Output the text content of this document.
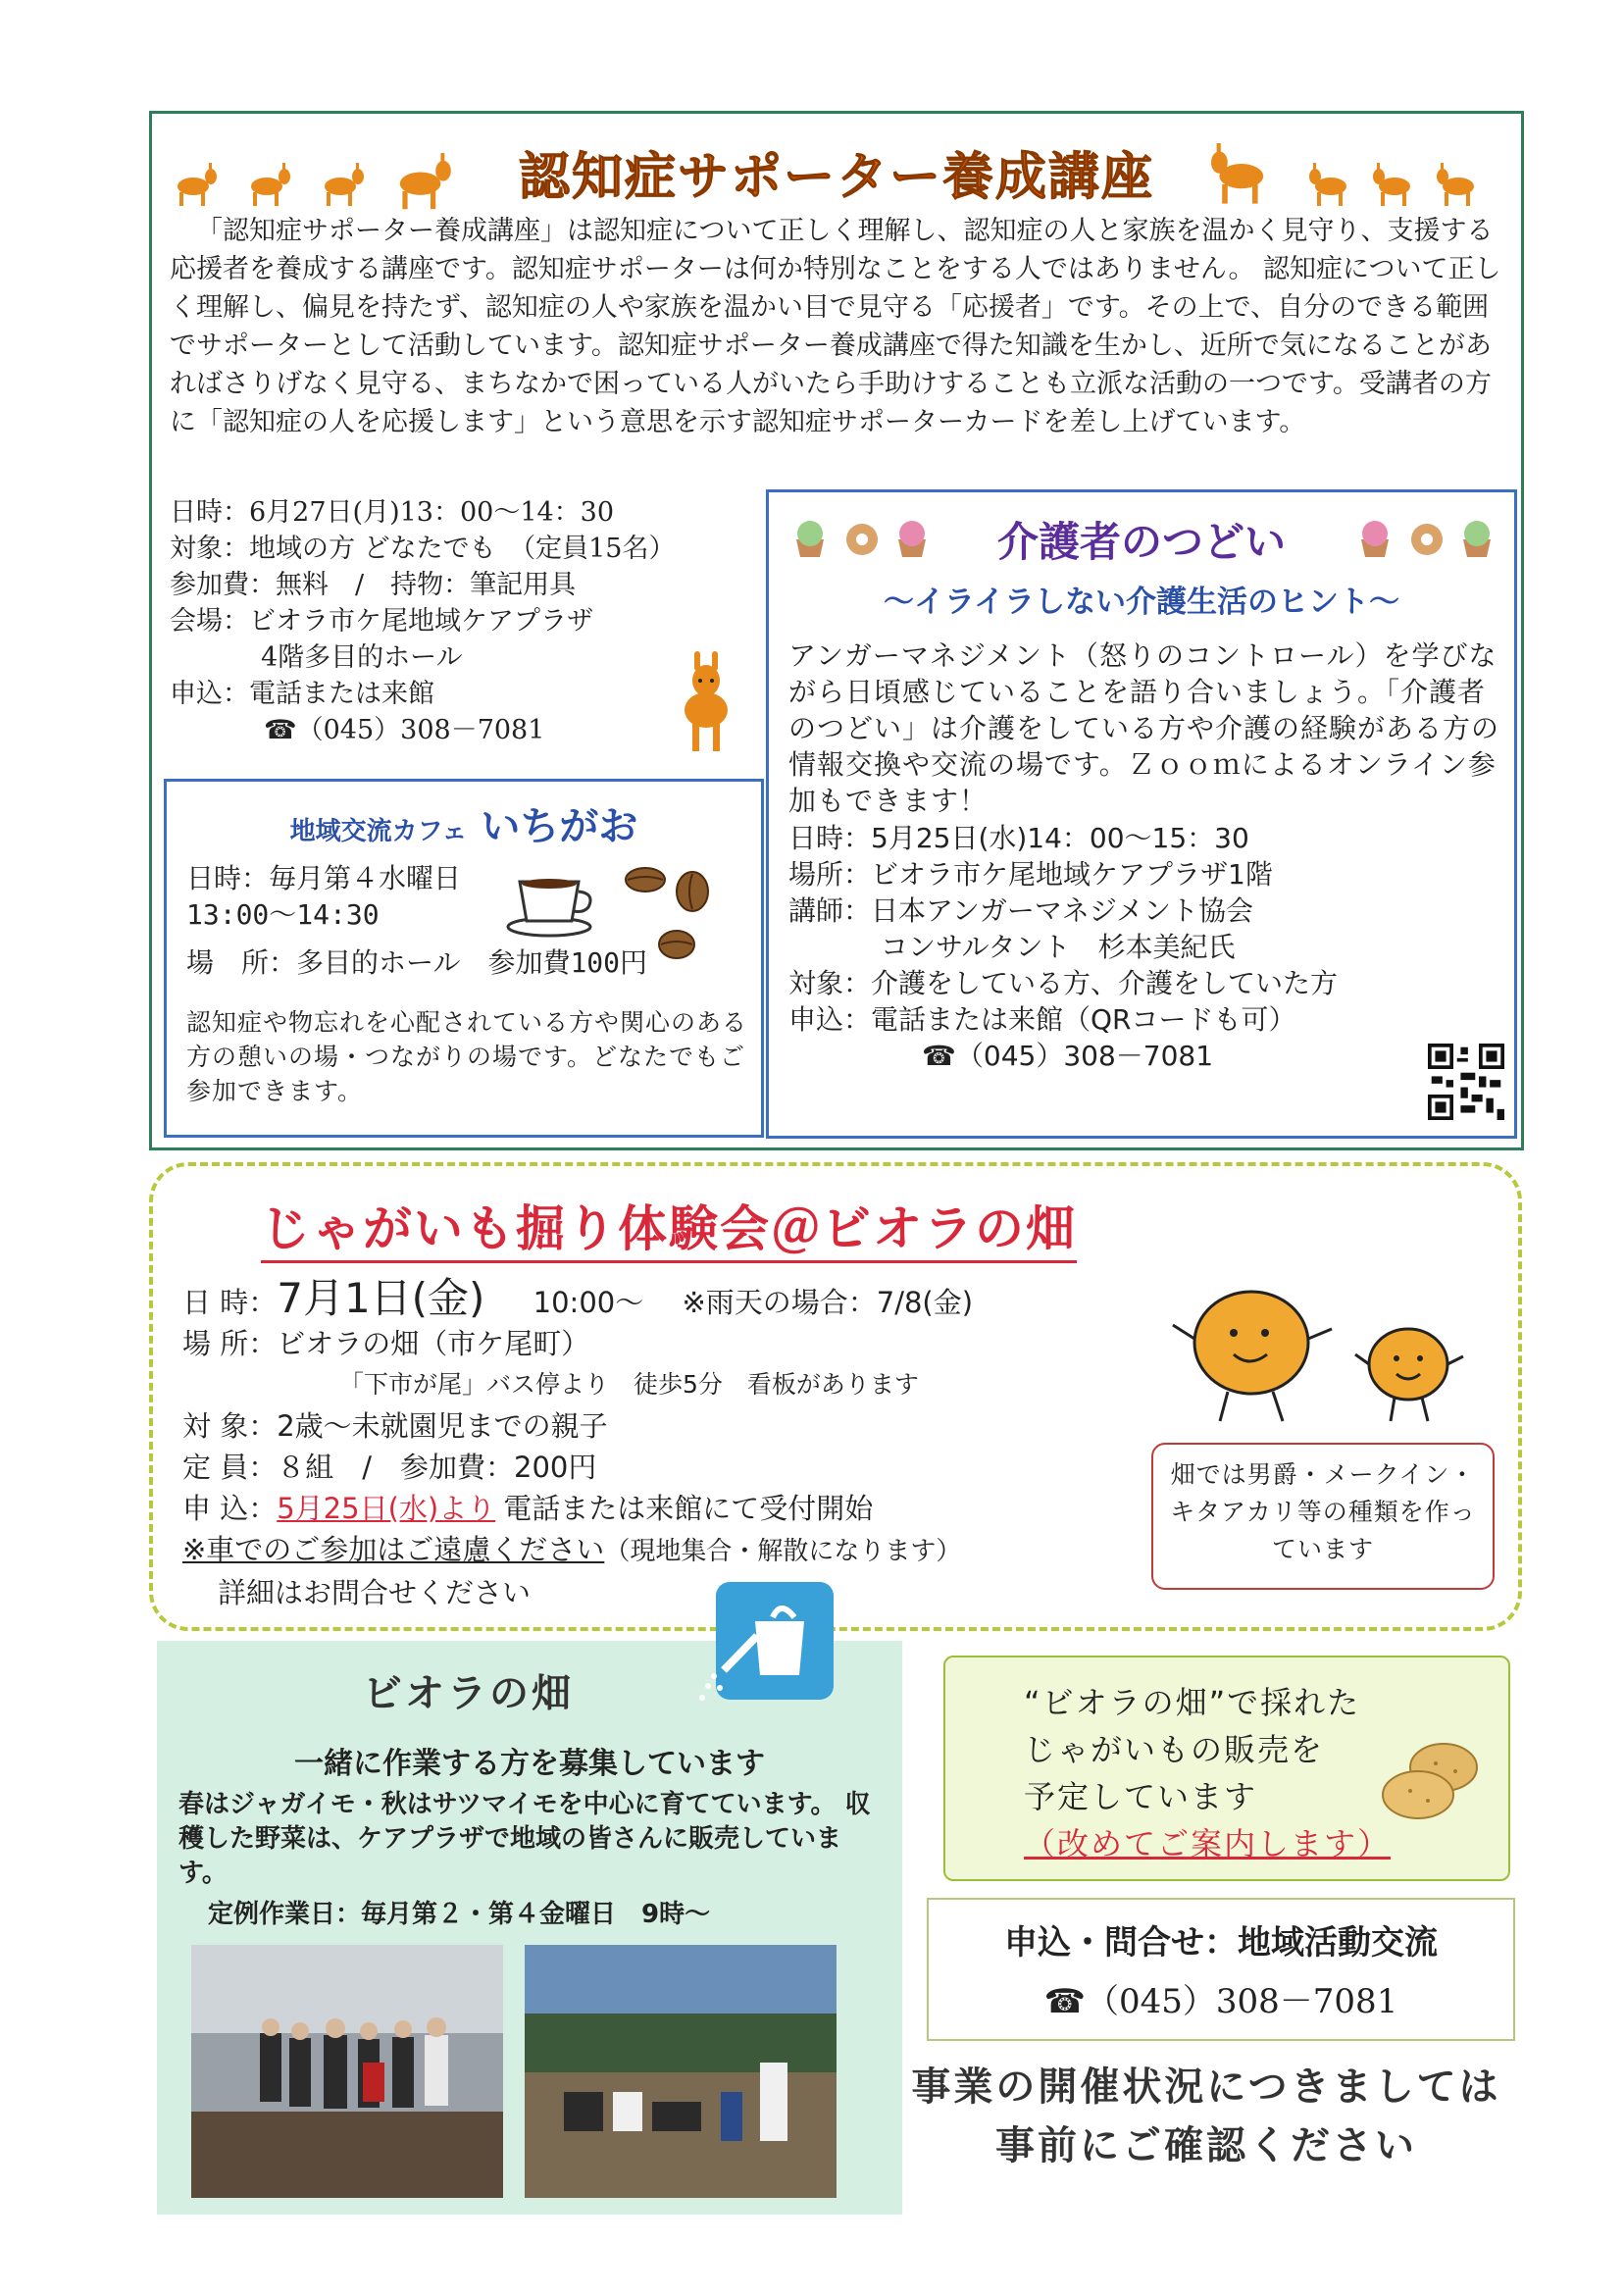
認知症サポーター養成講座
「認知症サポーター養成講座」は認知症について正しく理解し、認知症の人と家族を温かく見守り、支援する応援者を養成する講座です。認知症サポーターは何か特別なことをする人ではありません。 認知症について正しく理解し、偏見を持たず、認知症の人や家族を温かい目で見守る「応援者」です。その上で、自分のできる範囲でサポーターとして活動しています。認知症サポーター養成講座で得た知識を生かし、近所で気になることがあればさりげなく見守る、まちなかで困っている人がいたら手助けすることも立派な活動の一つです。受講者の方に「認知症の人を応援します」という意思を示す認知症サポーターカードを差し上げています。
日時：6月27日(月)13：00～14：30
対象：地域の方 どなたでも　（定員15名）
参加費：無料　/　持物：筆記用具
会場：ビオラ市ケ尾地域ケアプラザ
4階多目的ホール
申込：電話または来館
☎（045）308－7081
地域交流カフェ いちがお
日時：毎月第４水曜日
13:00～14:30
場　所：多目的ホール　参加費100円
認知症や物忘れを心配されている方や関心のある方の憩いの場・つながりの場です。どなたでもご参加できます。
介護者のつどい
～イライラしない介護生活のヒント～
アンガーマネジメント（怒りのコントロール）を学びながら日頃感じていることを語り合いましょう。「介護者のつどい」は介護をしている方や介護の経験がある方の情報交換や交流の場です。Ｚｏｏｍによるオンライン参加もできます！
日時：5月25日(水)14：00～15：30
場所：ビオラ市ケ尾地域ケアプラザ1階
講師：日本アンガーマネジメント協会
コンサルタント　杉本美紀氏
対象：介護をしている方、介護をしていた方
申込：電話または来館（QRコードも可）
☎（045）308－7081
じゃがいも掘り体験会＠ビオラの畑
日 時：7月1日(金) 10:00～ ※雨天の場合：7/8(金)
場 所：ビオラの畑（市ケ尾町）
「下市が尾」バス停より　徒歩5分　看板があります
対 象：2歳～未就園児までの親子
定 員：８組　/　参加費：200円
申 込：5月25日(水)より 電話または来館にて受付開始
※車でのご参加はご遠慮ください（現地集合・解散になります）
詳細はお問合せください
畑では男爵・メークイン・キタアカリ等の種類を作っています
ビオラの畑
一緒に作業する方を募集しています
春はジャガイモ・秋はサツマイモを中心に育てています。 収穫した野菜は、ケアプラザで地域の皆さんに販売しています。
定例作業日：毎月第２・第４金曜日　9時～
“ビオラの畑”で採れた
じゃがいもの販売を
予定しています
（改めてご案内します）
申込・問合せ：地域活動交流
☎（045）308－7081
事業の開催状況につきましては
事前にご確認ください
